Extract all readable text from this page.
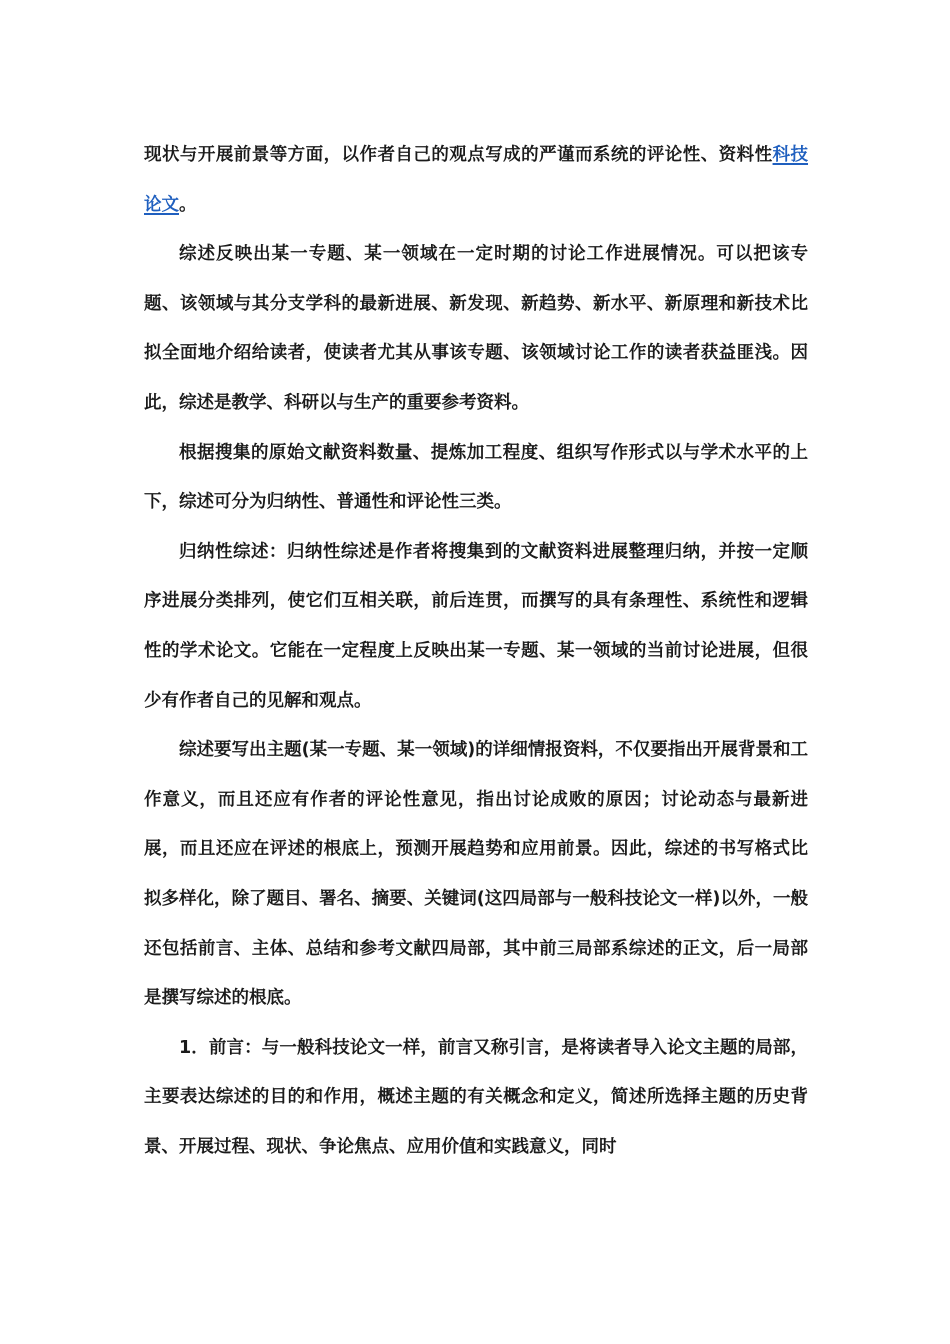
现状与开展前景等方面，以作者自己的观点写成的严谨而系统的评论性、资料性科技论文。

综述反映出某一专题、某一领域在一定时期的讨论工作进展情况。可以把该专题、该领域与其分支学科的最新进展、新发现、新趋势、新水平、新原理和新技术比拟全面地介绍给读者，使读者尤其从事该专题、该领域讨论工作的读者获益匪浅。因此，综述是教学、科研以与生产的重要参考资料。

根据搜集的原始文献资料数量、提炼加工程度、组织写作形式以与学术水平的上下，综述可分为归纳性、普通性和评论性三类。

归纳性综述：归纳性综述是作者将搜集到的文献资料进展整理归纳，并按一定顺序进展分类排列，使它们互相关联，前后连贯，而撰写的具有条理性、系统性和逻辑性的学术论文。它能在一定程度上反映出某一专题、某一领域的当前讨论进展，但很少有作者自己的见解和观点。

综述要写出主题(某一专题、某一领域)的详细情报资料，不仅要指出开展背景和工作意义，而且还应有作者的评论性意见，指出讨论成败的原因；讨论动态与最新进展，而且还应在评述的根底上，预测开展趋势和应用前景。因此，综述的书写格式比拟多样化，除了题目、署名、摘要、关键词(这四局部与一般科技论文一样)以外，一般还包括前言、主体、总结和参考文献四局部，其中前三局部系综述的正文，后一局部是撰写综述的根底。

1．前言：与一般科技论文一样，前言又称引言，是将读者导入论文主题的局部，主要表达综述的目的和作用，概述主题的有关概念和定义，简述所选择主题的历史背景、开展过程、现状、争论焦点、应用价值和实践意义，同时
